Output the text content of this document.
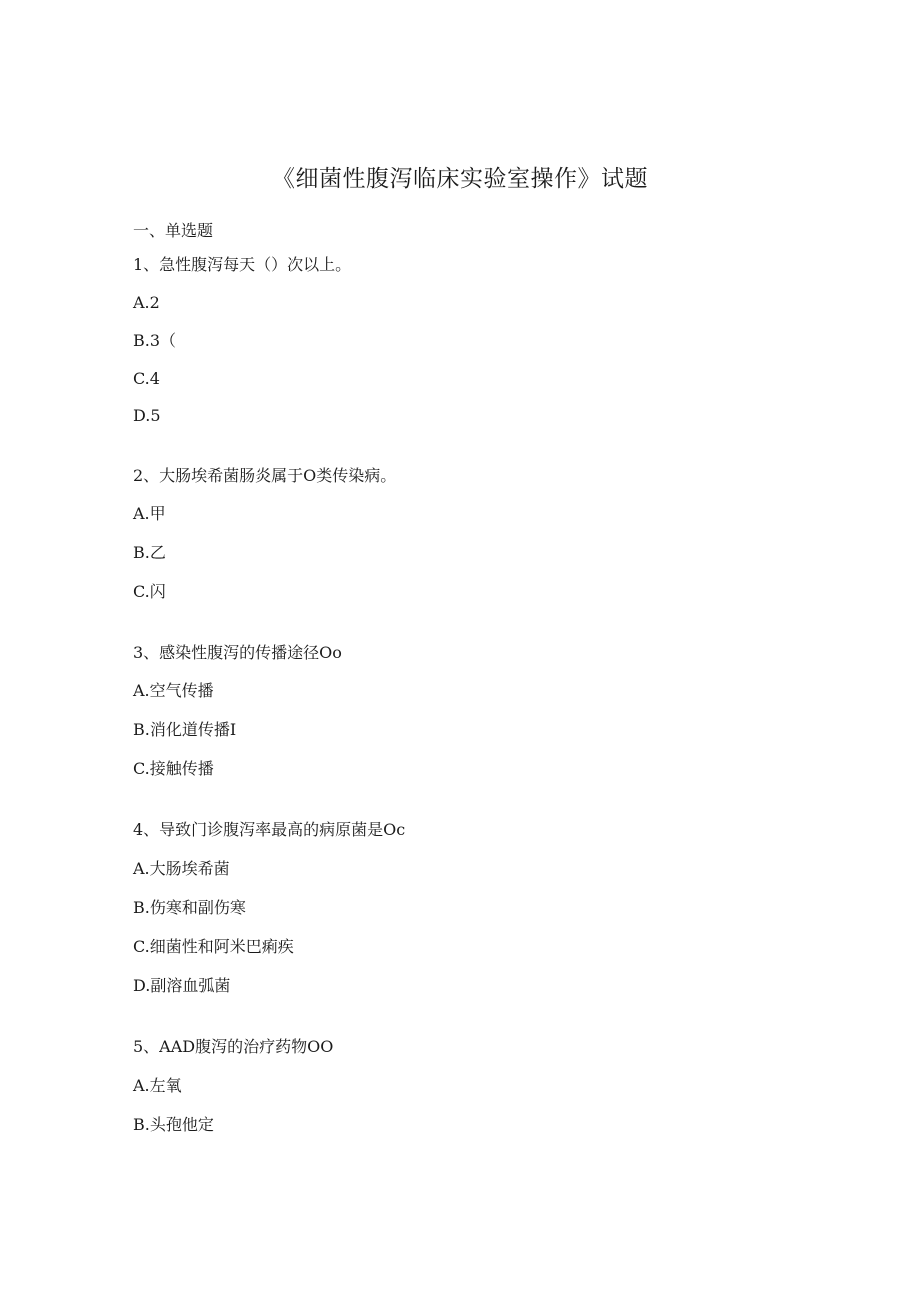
《细菌性腹泻临床实验室操作》试题

一、单选题

1、急性腹泻每天（）次以上。

A.2

B.3（

C.4

D.5

2、大肠埃希菌肠炎属于O类传染病。

A.甲

B.乙

C.闪

3、感染性腹泻的传播途径Oo

A.空气传播

B.消化道传播I

C.接触传播

4、导致门诊腹泻率最高的病原菌是Oc

A.大肠埃希菌

B.伤寒和副伤寒

C.细菌性和阿米巴痢疾

D.副溶血弧菌

5、AAD腹泻的治疗药物OO

A.左氧

B.头孢他定
